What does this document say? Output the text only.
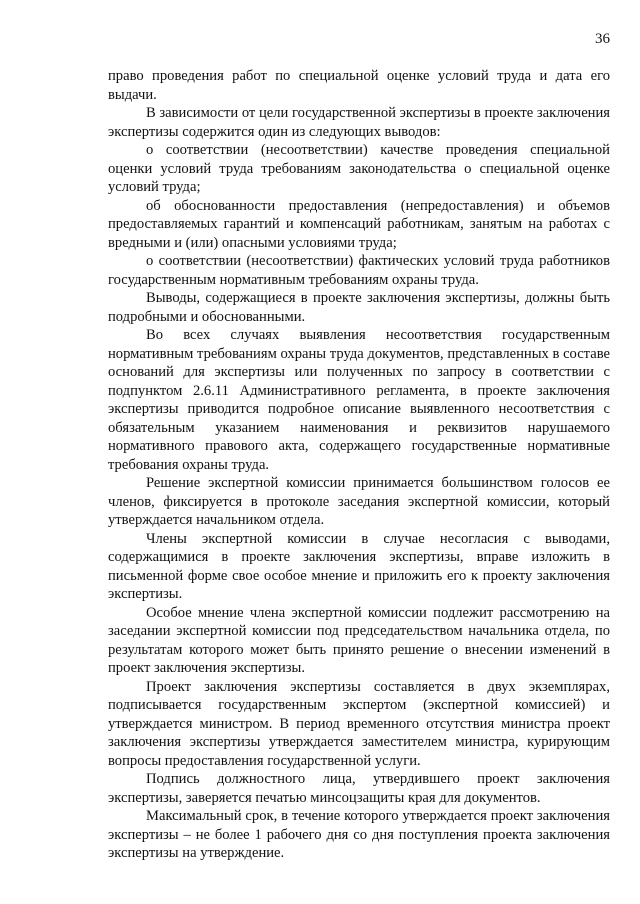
36

право проведения работ по специальной оценке условий труда и дата его выдачи.

В зависимости от цели государственной экспертизы в проекте заключения экспертизы содержится один из следующих выводов:

о соответствии (несоответствии) качестве проведения специальной оценки условий труда требованиям законодательства о специальной оценке условий труда;

об обоснованности предоставления (непредоставления) и объемов предоставляемых гарантий и компенсаций работникам, занятым на работах с вредными и (или) опасными условиями труда;

о соответствии (несоответствии) фактических условий труда работников государственным нормативным требованиям охраны труда.

Выводы, содержащиеся в проекте заключения экспертизы, должны быть подробными и обоснованными.

Во всех случаях выявления несоответствия государственным нормативным требованиям охраны труда документов, представленных в составе оснований для экспертизы или полученных по запросу в соответствии с подпунктом 2.6.11 Административного регламента, в проекте заключения экспертизы приводится подробное описание выявленного несоответствия с обязательным указанием наименования и реквизитов нарушаемого нормативного правового акта, содержащего государственные нормативные требования охраны труда.

Решение экспертной комиссии принимается большинством голосов ее членов, фиксируется в протоколе заседания экспертной комиссии, который утверждается начальником отдела.

Члены экспертной комиссии в случае несогласия с выводами, содержащимися в проекте заключения экспертизы, вправе изложить в письменной форме свое особое мнение и приложить его к проекту заключения экспертизы.

Особое мнение члена экспертной комиссии подлежит рассмотрению на заседании экспертной комиссии под председательством начальника отдела, по результатам которого может быть принято решение о внесении изменений в проект заключения экспертизы.

Проект заключения экспертизы составляется в двух экземплярах, подписывается государственным экспертом (экспертной комиссией) и утверждается министром. В период временного отсутствия министра проект заключения экспертизы утверждается заместителем министра, курирующим вопросы предоставления государственной услуги.

Подпись должностного лица, утвердившего проект заключения экспертизы, заверяется печатью минсоцзащиты края для документов.

Максимальный срок, в течение которого утверждается проект заключения экспертизы – не более 1 рабочего дня со дня поступления проекта заключения экспертизы на утверждение.
